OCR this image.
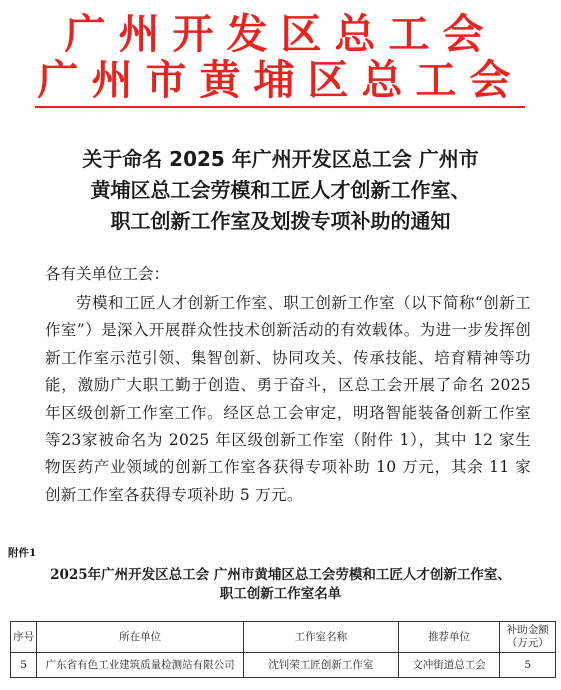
广州开发区总工会
广州市黄埔区总工会
关于命名 2025 年广州开发区总工会 广州市
黄埔区总工会劳模和工匠人才创新工作室、
职工创新工作室及划拨专项补助的通知
各有关单位工会：
劳模和工匠人才创新工作室、职工创新工作室（以下简称“创新工作室”）是深入开展群众性技术创新活动的有效载体。为进一步发挥创新工作室示范引领、集智创新、协同攻关、传承技能、培育精神等功能，激励广大职工勤于创造、勇于奋斗，区总工会开展了命名 2025 年区级创新工作室工作。经区总工会审定，明珞智能装备创新工作室等23家被命名为 2025 年区级创新工作室（附件 1），其中 12 家生物医药产业领域的创新工作室各获得专项补助 10 万元，其余 11 家创新工作室各获得专项补助 5 万元。
附件1
2025年广州开发区总工会 广州市黄埔区总工会劳模和工匠人才创新工作室、
职工创新工作室名单
序号	所在单位	工作室名称	推荐单位	补助金额（万元）
5	广东省有色工业建筑质量检测站有限公司	沈钊荣工匠创新工作室	文冲街道总工会	5
